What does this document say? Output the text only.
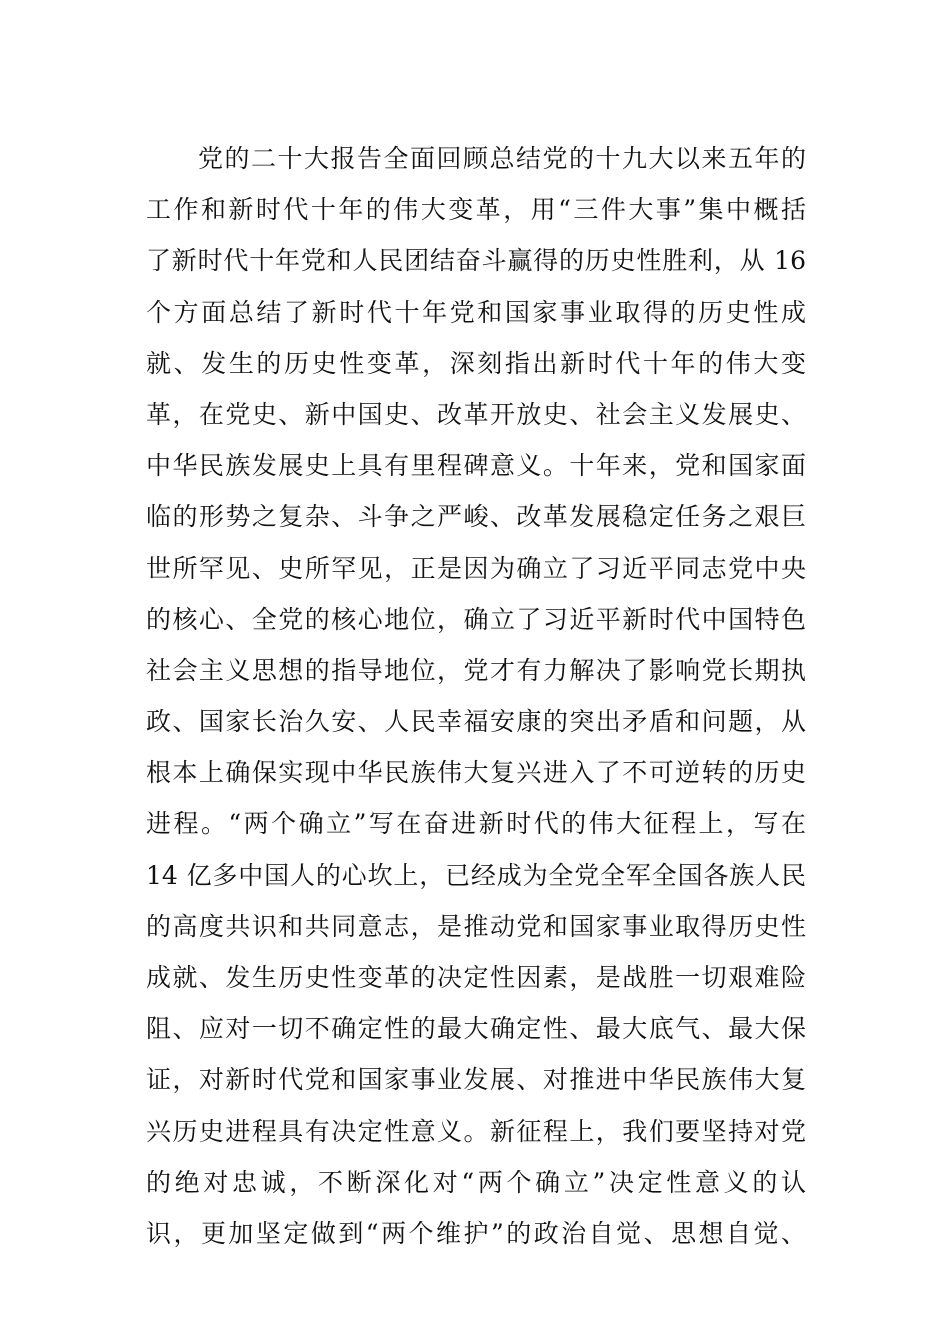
党的二十大报告全面回顾总结党的十九大以来五年的
工作和新时代十年的伟大变革，用“三件大事”集中概括
了新时代十年党和人民团结奋斗赢得的历史性胜利，从 16
个方面总结了新时代十年党和国家事业取得的历史性成
就、发生的历史性变革，深刻指出新时代十年的伟大变
革，在党史、新中国史、改革开放史、社会主义发展史、
中华民族发展史上具有里程碑意义。十年来，党和国家面
临的形势之复杂、斗争之严峻、改革发展稳定任务之艰巨
世所罕见、史所罕见，正是因为确立了习近平同志党中央
的核心、全党的核心地位，确立了习近平新时代中国特色
社会主义思想的指导地位，党才有力解决了影响党长期执
政、国家长治久安、人民幸福安康的突出矛盾和问题，从
根本上确保实现中华民族伟大复兴进入了不可逆转的历史
进程。“两个确立”写在奋进新时代的伟大征程上，写在
14 亿多中国人的心坎上，已经成为全党全军全国各族人民
的高度共识和共同意志，是推动党和国家事业取得历史性
成就、发生历史性变革的决定性因素，是战胜一切艰难险
阻、应对一切不确定性的最大确定性、最大底气、最大保
证，对新时代党和国家事业发展、对推进中华民族伟大复
兴历史进程具有决定性意义。新征程上，我们要坚持对党
的绝对忠诚，不断深化对“两个确立”决定性意义的认
识，更加坚定做到“两个维护”的政治自觉、思想自觉、
